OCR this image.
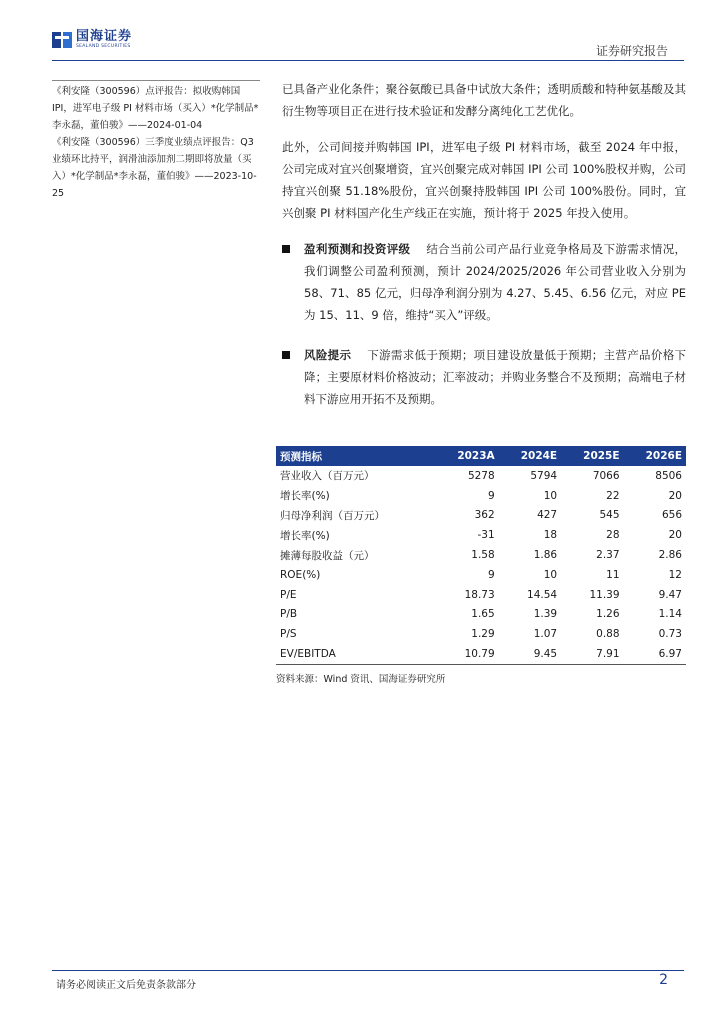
国海证券
SEALAND SECURITIES	证券研究报告
《利安隆（300596）点评报告：拟收购韩国 IPI，进军电子级 PI 材料市场（买入）*化学制品*李永磊，董伯骏》——2024-01-04
《利安隆（300596）三季度业绩点评报告：Q3 业绩环比持平，润滑油添加剂二期即将放量（买入）*化学制品*李永磊，董伯骏》——2023-10-25

已具备产业化条件；聚谷氨酸已具备中试放大条件；透明质酸和特种氨基酸及其衍生物等项目正在进行技术验证和发酵分离纯化工艺优化。

此外，公司间接并购韩国 IPI，进军电子级 PI 材料市场，截至 2024 年中报，公司完成对宜兴创聚增资，宜兴创聚完成对韩国 IPI 公司 100%股权并购，公司持宜兴创聚 51.18%股份，宜兴创聚持股韩国 IPI 公司 100%股份。同时，宜兴创聚 PI 材料国产化生产线正在实施，预计将于 2025 年投入使用。

盈利预测和投资评级 结合当前公司产品行业竞争格局及下游需求情况，我们调整公司盈利预测，预计 2024/2025/2026 年公司营业收入分别为 58、71、85 亿元，归母净利润分别为 4.27、5.45、6.56 亿元，对应 PE 为 15、11、9 倍，维持“买入”评级。
风险提示 下游需求低于预期；项目建设放量低于预期；主营产品价格下降；主要原材料价格波动；汇率波动；并购业务整合不及预期；高端电子材料下游应用开拓不及预期。
预测指标	2023A	2024E	2025E	2026E
营业收入（百万元）	5278	5794	7066	8506
增长率(%)	9	10	22	20
归母净利润（百万元）	362	427	545	656
增长率(%)	-31	18	28	20
摊薄每股收益（元）	1.58	1.86	2.37	2.86
ROE(%)	9	10	11	12
P/E	18.73	14.54	11.39	9.47
P/B	1.65	1.39	1.26	1.14
P/S	1.29	1.07	0.88	0.73
EV/EBITDA	10.79	9.45	7.91	6.97
资料来源：Wind 资讯、国海证券研究所
请务必阅读正文后免责条款部分	2
